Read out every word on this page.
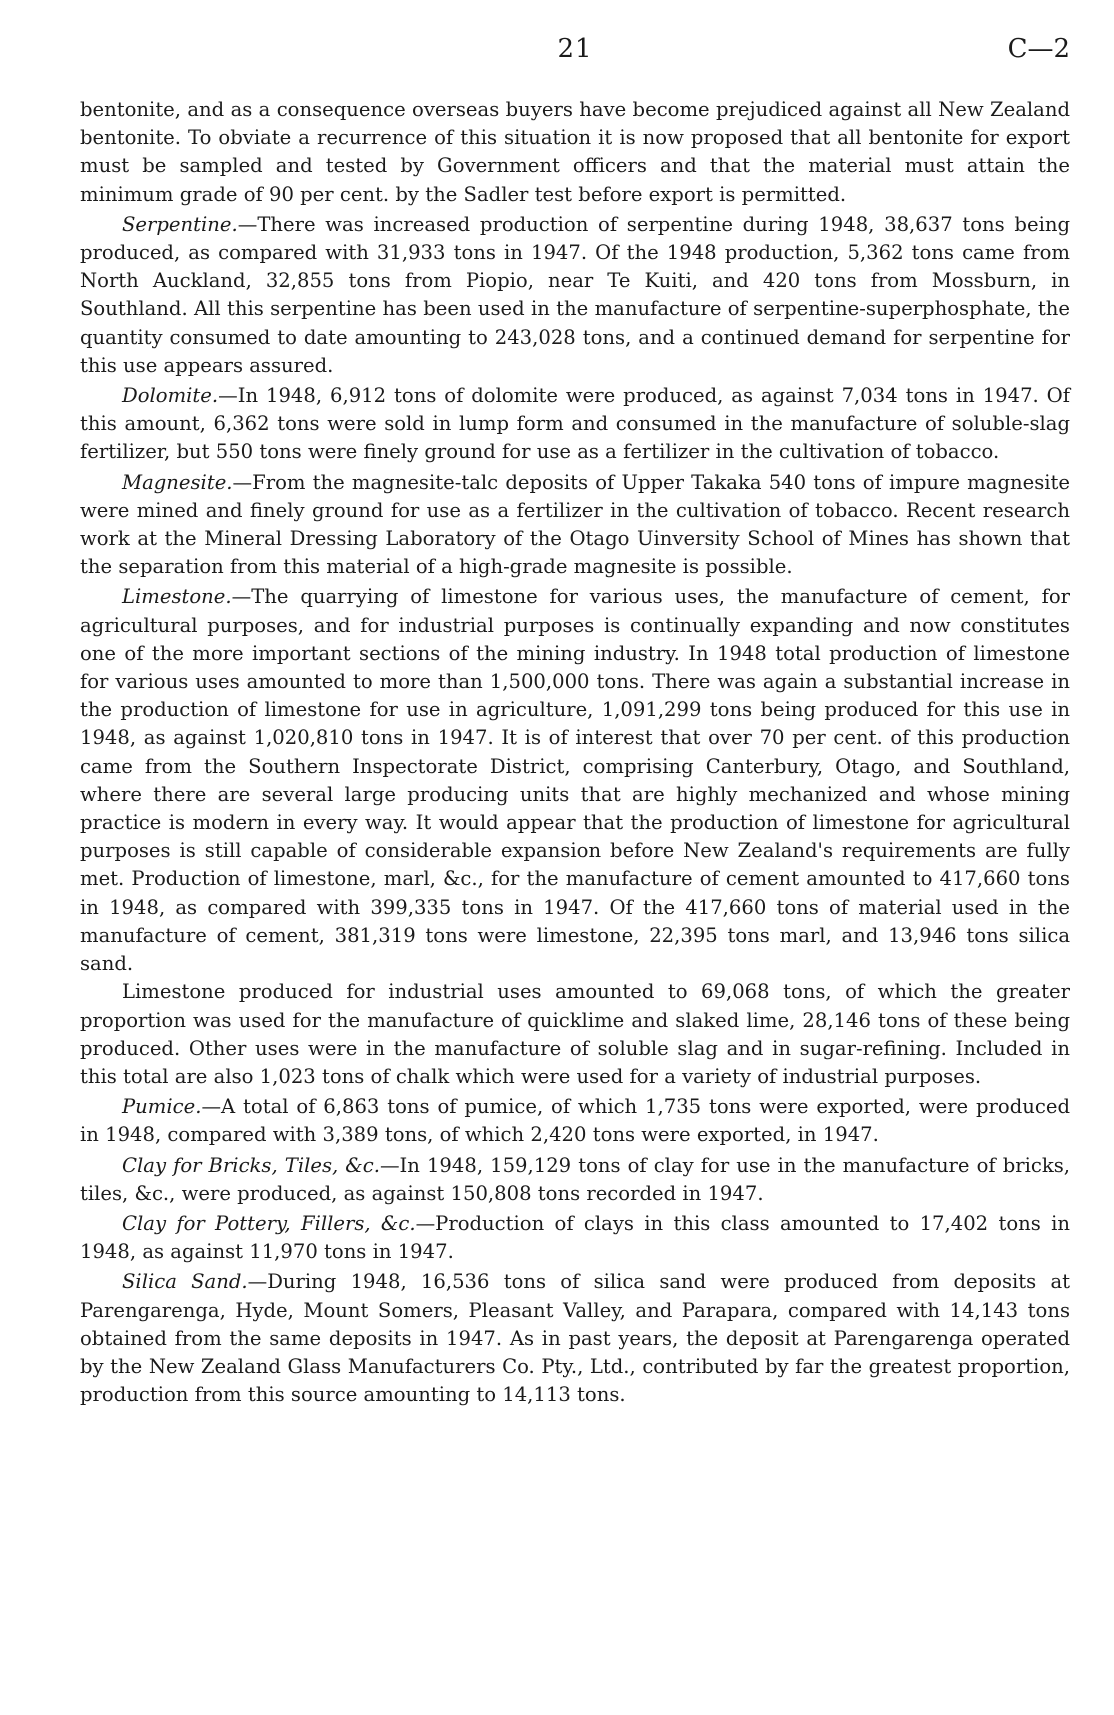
21	C—2

bentonite, and as a consequence overseas buyers have become prejudiced against all New Zealand bentonite. To obviate a recurrence of this situation it is now proposed that all bentonite for export must be sampled and tested by Government officers and that the material must attain the minimum grade of 90 per cent. by the Sadler test before export is permitted.

Serpentine.—There was increased production of serpentine during 1948, 38,637 tons being produced, as compared with 31,933 tons in 1947. Of the 1948 production, 5,362 tons came from North Auckland, 32,855 tons from Piopio, near Te Kuiti, and 420 tons from Mossburn, in Southland. All this serpentine has been used in the manufacture of serpentine-superphosphate, the quantity consumed to date amounting to 243,028 tons, and a continued demand for serpentine for this use appears assured.

Dolomite.—In 1948, 6,912 tons of dolomite were produced, as against 7,034 tons in 1947. Of this amount, 6,362 tons were sold in lump form and consumed in the manufacture of soluble-slag fertilizer, but 550 tons were finely ground for use as a fertilizer in the cultivation of tobacco.

Magnesite.—From the magnesite-talc deposits of Upper Takaka 540 tons of impure magnesite were mined and finely ground for use as a fertilizer in the cultivation of tobacco. Recent research work at the Mineral Dressing Laboratory of the Otago Uinversity School of Mines has shown that the separation from this material of a high-grade magnesite is possible.

Limestone.—The quarrying of limestone for various uses, the manufacture of cement, for agricultural purposes, and for industrial purposes is continually expanding and now constitutes one of the more important sections of the mining industry. In 1948 total production of limestone for various uses amounted to more than 1,500,000 tons. There was again a substantial increase in the production of limestone for use in agriculture, 1,091,299 tons being produced for this use in 1948, as against 1,020,810 tons in 1947. It is of interest that over 70 per cent. of this production came from the Southern Inspectorate District, comprising Canterbury, Otago, and Southland, where there are several large producing units that are highly mechanized and whose mining practice is modern in every way. It would appear that the production of limestone for agricultural purposes is still capable of considerable expansion before New Zealand's requirements are fully met. Production of limestone, marl, &c., for the manufacture of cement amounted to 417,660 tons in 1948, as compared with 399,335 tons in 1947. Of the 417,660 tons of material used in the manufacture of cement, 381,319 tons were limestone, 22,395 tons marl, and 13,946 tons silica sand.

Limestone produced for industrial uses amounted to 69,068 tons, of which the greater proportion was used for the manufacture of quicklime and slaked lime, 28,146 tons of these being produced. Other uses were in the manufacture of soluble slag and in sugar-refining. Included in this total are also 1,023 tons of chalk which were used for a variety of industrial purposes.

Pumice.—A total of 6,863 tons of pumice, of which 1,735 tons were exported, were produced in 1948, compared with 3,389 tons, of which 2,420 tons were exported, in 1947.

Clay for Bricks, Tiles, &c.—In 1948, 159,129 tons of clay for use in the manufacture of bricks, tiles, &c., were produced, as against 150,808 tons recorded in 1947.

Clay for Pottery, Fillers, &c.—Production of clays in this class amounted to 17,402 tons in 1948, as against 11,970 tons in 1947.

Silica Sand.—During 1948, 16,536 tons of silica sand were produced from deposits at Parengarenga, Hyde, Mount Somers, Pleasant Valley, and Parapara, compared with 14,143 tons obtained from the same deposits in 1947. As in past years, the deposit at Parengarenga operated by the New Zealand Glass Manufacturers Co. Pty., Ltd., contributed by far the greatest proportion, production from this source amounting to 14,113 tons.
